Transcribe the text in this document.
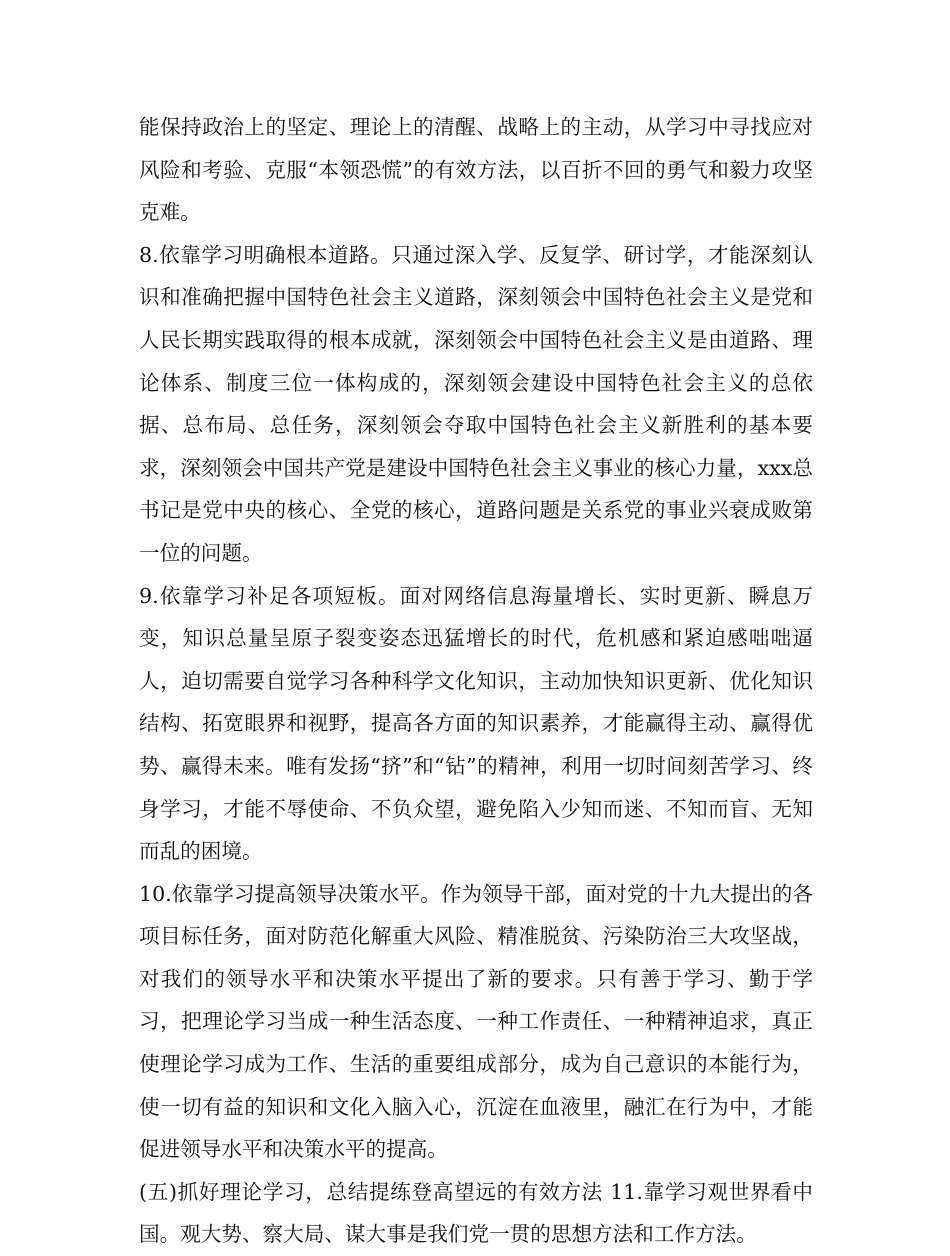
能保持政治上的坚定、理论上的清醒、战略上的主动，从学习中寻找应对风险和考验、克服“本领恐慌”的有效方法，以百折不回的勇气和毅力攻坚克难。

8.依靠学习明确根本道路。只通过深入学、反复学、研讨学，才能深刻认识和准确把握中国特色社会主义道路，深刻领会中国特色社会主义是党和人民长期实践取得的根本成就，深刻领会中国特色社会主义是由道路、理论体系、制度三位一体构成的，深刻领会建设中国特色社会主义的总依据、总布局、总任务，深刻领会夺取中国特色社会主义新胜利的基本要求，深刻领会中国共产党是建设中国特色社会主义事业的核心力量，xxx总书记是党中央的核心、全党的核心，道路问题是关系党的事业兴衰成败第一位的问题。

9.依靠学习补足各项短板。面对网络信息海量增长、实时更新、瞬息万变，知识总量呈原子裂变姿态迅猛增长的时代，危机感和紧迫感咄咄逼人，迫切需要自觉学习各种科学文化知识，主动加快知识更新、优化知识结构、拓宽眼界和视野，提高各方面的知识素养，才能赢得主动、赢得优势、赢得未来。唯有发扬“挤”和“钻”的精神，利用一切时间刻苦学习、终身学习，才能不辱使命、不负众望，避免陷入少知而迷、不知而盲、无知而乱的困境。

10.依靠学习提高领导决策水平。作为领导干部，面对党的十九大提出的各项目标任务，面对防范化解重大风险、精准脱贫、污染防治三大攻坚战，对我们的领导水平和决策水平提出了新的要求。只有善于学习、勤于学习，把理论学习当成一种生活态度、一种工作责任、一种精神追求，真正使理论学习成为工作、生活的重要组成部分，成为自己意识的本能行为，使一切有益的知识和文化入脑入心，沉淀在血液里，融汇在行为中，才能促进领导水平和决策水平的提高。

(五)抓好理论学习，总结提练登高望远的有效方法 11.靠学习观世界看中国。观大势、察大局、谋大事是我们党一贯的思想方法和工作方法。
